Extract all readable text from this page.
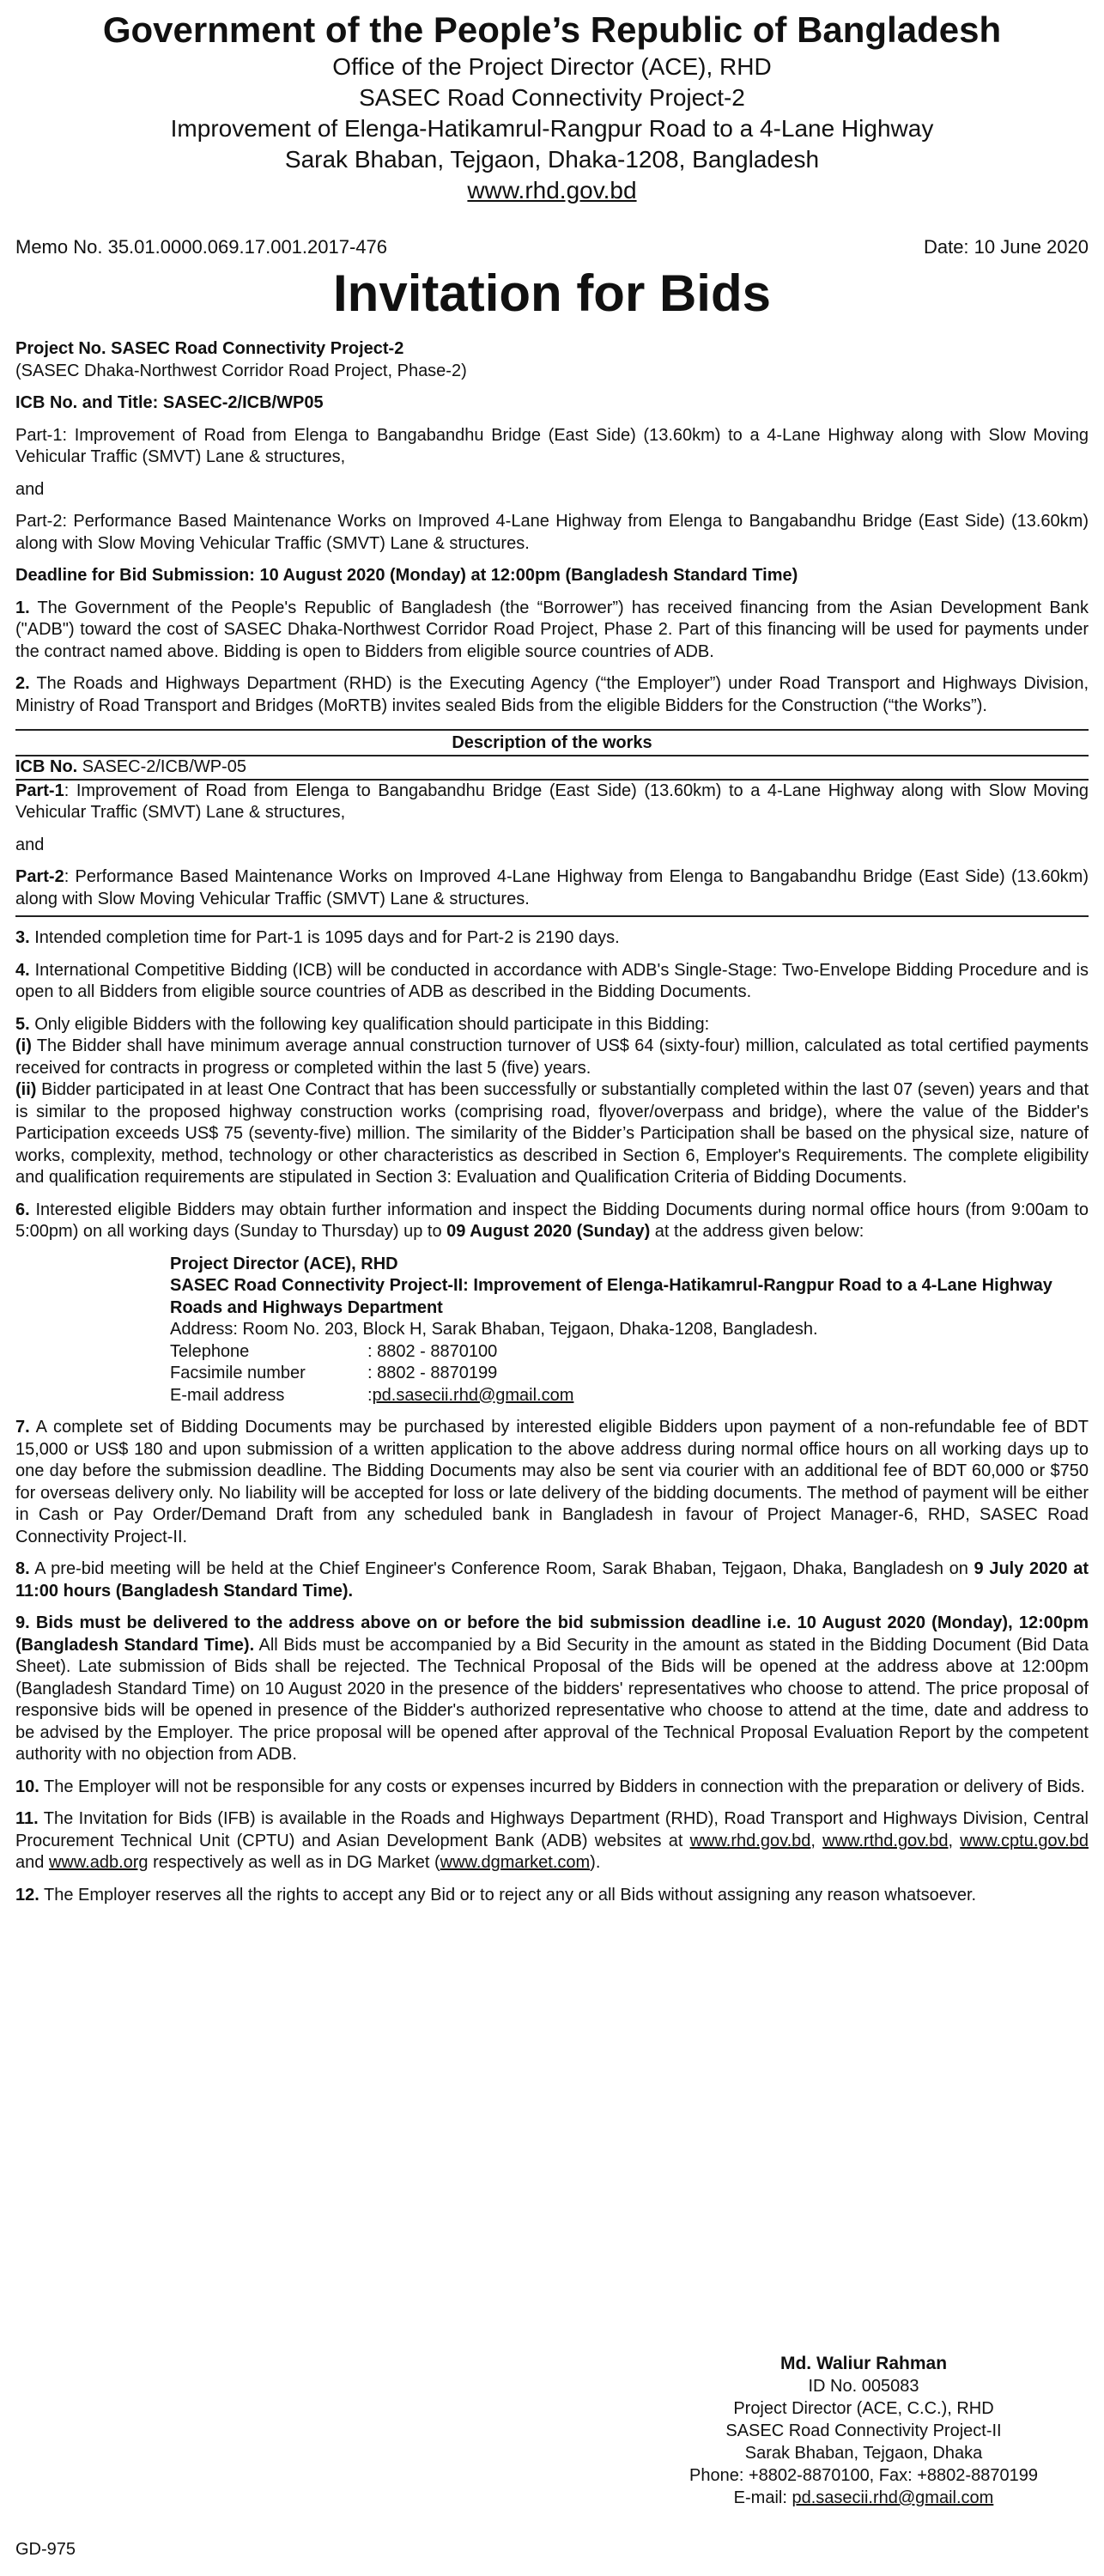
Government of the People’s Republic of Bangladesh
Office of the Project Director (ACE), RHD
SASEC Road Connectivity Project-2
Improvement of Elenga-Hatikamrul-Rangpur Road to a 4-Lane Highway
Sarak Bhaban, Tejgaon, Dhaka-1208, Bangladesh
www.rhd.gov.bd
Memo No. 35.01.0000.069.17.001.2017-476	Date: 10 June 2020
Invitation for Bids

Project No. SASEC Road Connectivity Project-2

(SASEC Dhaka-Northwest Corridor Road Project, Phase-2)

ICB No. and Title: SASEC-2/ICB/WP05

Part-1: Improvement of Road from Elenga to Bangabandhu Bridge (East Side) (13.60km) to a 4-Lane Highway along with Slow Moving Vehicular Traffic (SMVT) Lane & structures,

and

Part-2: Performance Based Maintenance Works on Improved 4-Lane Highway from Elenga to Bangabandhu Bridge (East Side) (13.60km) along with Slow Moving Vehicular Traffic (SMVT) Lane & structures.

Deadline for Bid Submission: 10 August 2020 (Monday) at 12:00pm (Bangladesh Standard Time)

1. The Government of the People's Republic of Bangladesh (the “Borrower”) has received financing from the Asian Development Bank ("ADB") toward the cost of SASEC Dhaka-Northwest Corridor Road Project, Phase 2. Part of this financing will be used for payments under the contract named above. Bidding is open to Bidders from eligible source countries of ADB.

2. The Roads and Highways Department (RHD) is the Executing Agency (“the Employer”) under Road Transport and Highways Division, Ministry of Road Transport and Bridges (MoRTB) invites sealed Bids from the eligible Bidders for the Construction (“the Works”).

Description of the works

ICB No. SASEC-2/ICB/WP-05

Part-1: Improvement of Road from Elenga to Bangabandhu Bridge (East Side) (13.60km) to a 4-Lane Highway along with Slow Moving Vehicular Traffic (SMVT) Lane & structures,

and

Part-2: Performance Based Maintenance Works on Improved 4-Lane Highway from Elenga to Bangabandhu Bridge (East Side) (13.60km) along with Slow Moving Vehicular Traffic (SMVT) Lane & structures.

3. Intended completion time for Part-1 is 1095 days and for Part-2 is 2190 days.

4. International Competitive Bidding (ICB) will be conducted in accordance with ADB's Single-Stage: Two-Envelope Bidding Procedure and is open to all Bidders from eligible source countries of ADB as described in the Bidding Documents.

5. Only eligible Bidders with the following key qualification should participate in this Bidding:

(i) The Bidder shall have minimum average annual construction turnover of US$ 64 (sixty-four) million, calculated as total certified payments received for contracts in progress or completed within the last 5 (five) years.

(ii) Bidder participated in at least One Contract that has been successfully or substantially completed within the last 07 (seven) years and that is similar to the proposed highway construction works (comprising road, flyover/overpass and bridge), where the value of the Bidder's Participation exceeds US$ 75 (seventy-five) million. The similarity of the Bidder’s Participation shall be based on the physical size, nature of works, complexity, method, technology or other characteristics as described in Section 6, Employer's Requirements. The complete eligibility and qualification requirements are stipulated in Section 3: Evaluation and Qualification Criteria of Bidding Documents.

6. Interested eligible Bidders may obtain further information and inspect the Bidding Documents during normal office hours (from 9:00am to 5:00pm) on all working days (Sunday to Thursday) up to 09 August 2020 (Sunday) at the address given below:

Project Director (ACE), RHD
SASEC Road Connectivity Project-II: Improvement of Elenga-Hatikamrul-Rangpur Road to a 4-Lane Highway Roads and Highways Department
Address: Room No. 203, Block H, Sarak Bhaban, Tejgaon, Dhaka-1208, Bangladesh.
Telephone	: 8802 - 8870100
Facsimile number	: 8802 - 8870199
E-mail address	: pd.sasecii.rhd@gmail.com

7. A complete set of Bidding Documents may be purchased by interested eligible Bidders upon payment of a non-refundable fee of BDT 15,000 or US$ 180 and upon submission of a written application to the above address during normal office hours on all working days up to one day before the submission deadline. The Bidding Documents may also be sent via courier with an additional fee of BDT 60,000 or $750 for overseas delivery only. No liability will be accepted for loss or late delivery of the bidding documents. The method of payment will be either in Cash or Pay Order/Demand Draft from any scheduled bank in Bangladesh in favour of Project Manager-6, RHD, SASEC Road Connectivity Project-II.

8. A pre-bid meeting will be held at the Chief Engineer's Conference Room, Sarak Bhaban, Tejgaon, Dhaka, Bangladesh on 9 July 2020 at 11:00 hours (Bangladesh Standard Time).

9. Bids must be delivered to the address above on or before the bid submission deadline i.e. 10 August 2020 (Monday), 12:00pm (Bangladesh Standard Time). All Bids must be accompanied by a Bid Security in the amount as stated in the Bidding Document (Bid Data Sheet). Late submission of Bids shall be rejected. The Technical Proposal of the Bids will be opened at the address above at 12:00pm (Bangladesh Standard Time) on 10 August 2020 in the presence of the bidders' representatives who choose to attend. The price proposal of responsive bids will be opened in presence of the Bidder's authorized representative who choose to attend at the time, date and address to be advised by the Employer. The price proposal will be opened after approval of the Technical Proposal Evaluation Report by the competent authority with no objection from ADB.

10. The Employer will not be responsible for any costs or expenses incurred by Bidders in connection with the preparation or delivery of Bids.

11. The Invitation for Bids (IFB) is available in the Roads and Highways Department (RHD), Road Transport and Highways Division, Central Procurement Technical Unit (CPTU) and Asian Development Bank (ADB) websites at www.rhd.gov.bd, www.rthd.gov.bd, www.cptu.gov.bd and www.adb.org respectively as well as in DG Market (www.dgmarket.com).

12. The Employer reserves all the rights to accept any Bid or to reject any or all Bids without assigning any reason whatsoever.

Md. Waliur Rahman
ID No. 005083
Project Director (ACE, C.C.), RHD
SASEC Road Connectivity Project-II
Sarak Bhaban, Tejgaon, Dhaka
Phone: +8802-8870100, Fax: +8802-8870199
E-mail: pd.sasecii.rhd@gmail.com
GD-975
